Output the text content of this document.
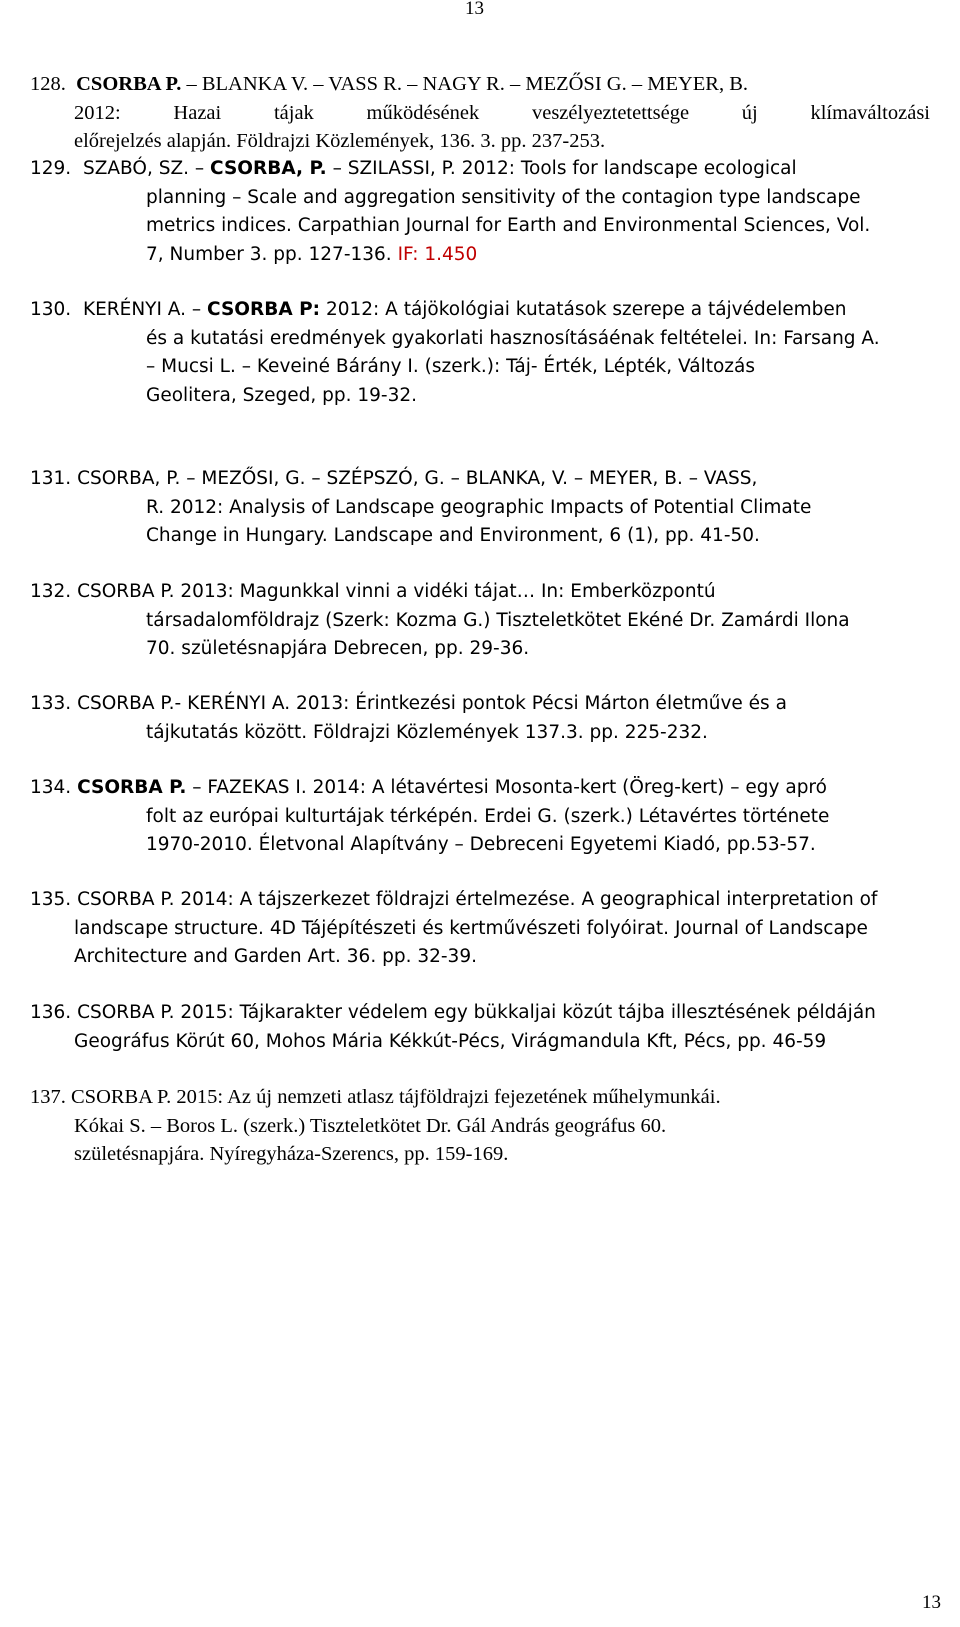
13
128. CSORBA P. – BLANKA V. – VASS R. – NAGY R. – MEZŐSI G. – MEYER, B.
2012: Hazai tájak működésének veszélyeztetettsége új klímaváltozási
előrejelzés alapján. Földrajzi Közlemények, 136. 3. pp. 237-253.
129. SZABÓ, SZ. – CSORBA, P. – SZILASSI, P. 2012: Tools for landscape ecological
planning – Scale and aggregation sensitivity of the contagion type landscape
metrics indices. Carpathian Journal for Earth and Environmental Sciences, Vol.
7, Number 3. pp. 127-136. IF: 1.450
130. KERÉNYI A. – CSORBA P: 2012: A tájökológiai kutatások szerepe a tájvédelemben
és a kutatási eredmények gyakorlati hasznosításáénak feltételei. In: Farsang A.
– Mucsi L. – Keveiné Bárány I. (szerk.): Táj- Érték, Lépték, Változás
Geolitera, Szeged, pp. 19-32.
131. CSORBA, P. – MEZŐSI, G. – SZÉPSZÓ, G. – BLANKA, V. – MEYER, B. – VASS,
R. 2012: Analysis of Landscape geographic Impacts of Potential Climate
Change in Hungary. Landscape and Environment, 6 (1), pp. 41-50.
132. CSORBA P. 2013: Magunkkal vinni a vidéki tájat… In: Emberközpontú
társadalomföldrajz (Szerk: Kozma G.) Tiszteletkötet Ekéné Dr. Zamárdi Ilona
70. születésnapjára Debrecen, pp. 29-36.
133. CSORBA P.- KERÉNYI A. 2013: Érintkezési pontok Pécsi Márton életműve és a
tájkutatás között. Földrajzi Közlemények 137.3. pp. 225-232.
134. CSORBA P. – FAZEKAS I. 2014: A létavértesi Mosonta-kert (Öreg-kert) – egy apró
folt az európai kulturtájak térképén. Erdei G. (szerk.) Létavértes története
1970-2010. Életvonal Alapítvány – Debreceni Egyetemi Kiadó, pp.53-57.
135. CSORBA P. 2014: A tájszerkezet földrajzi értelmezése. A geographical interpretation of
landscape structure. 4D Tájépítészeti és kertművészeti folyóirat. Journal of Landscape
Architecture and Garden Art. 36. pp. 32-39.
136. CSORBA P. 2015: Tájkarakter védelem egy bükkaljai közút tájba illesztésének példáján
Geográfus Körút 60, Mohos Mária Kékkút-Pécs, Virágmandula Kft, Pécs, pp. 46-59
137. CSORBA P. 2015: Az új nemzeti atlasz tájföldrajzi fejezetének műhelymunkái.
Kókai S. – Boros L. (szerk.) Tiszteletkötet Dr. Gál András geográfus 60.
születésnapjára. Nyíregyháza-Szerencs, pp. 159-169.
13
